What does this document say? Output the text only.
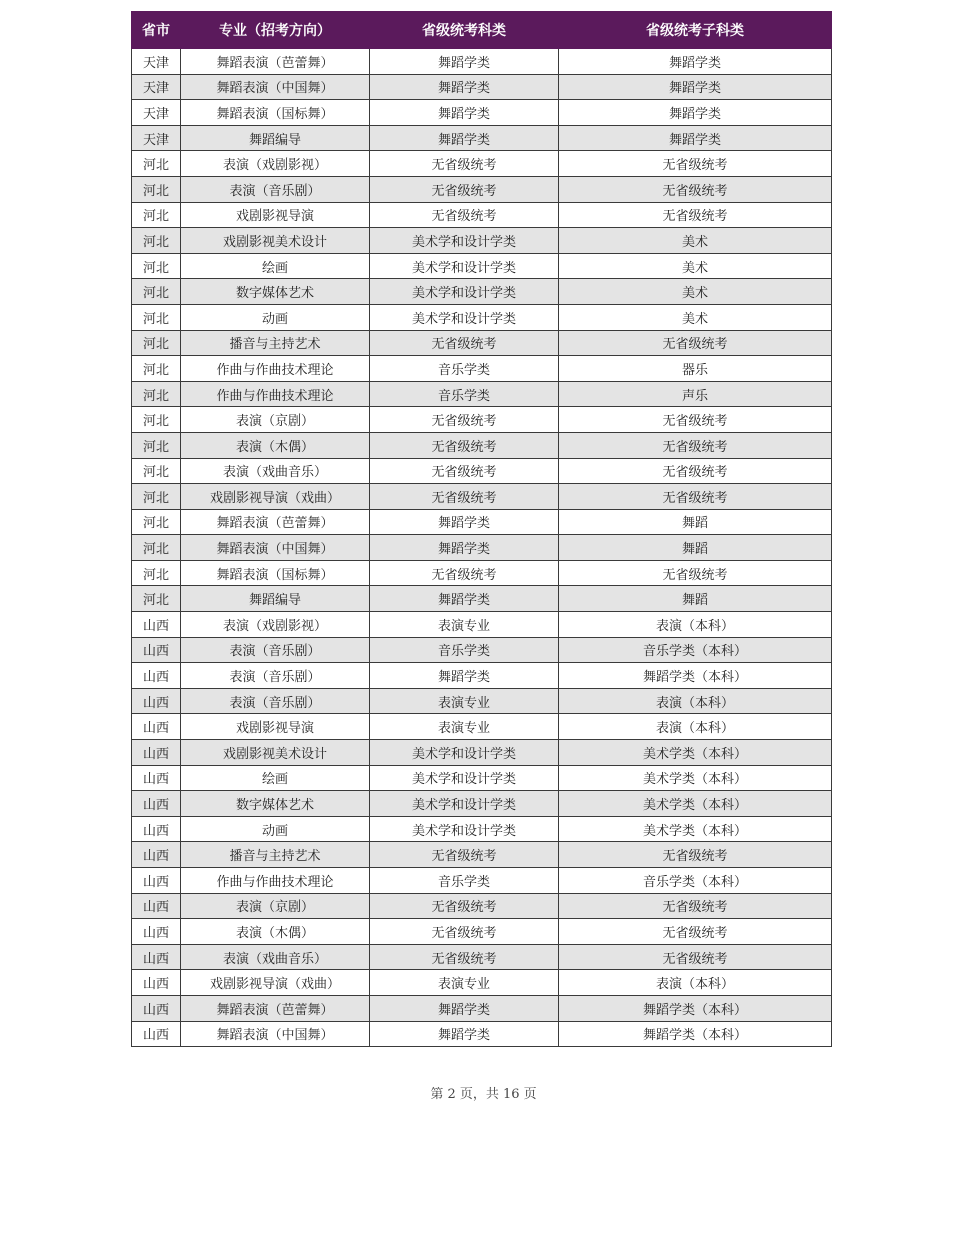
省市	专业（招考方向）	省级统考科类	省级统考子科类
天津	舞蹈表演（芭蕾舞）	舞蹈学类	舞蹈学类
天津	舞蹈表演（中国舞）	舞蹈学类	舞蹈学类
天津	舞蹈表演（国标舞）	舞蹈学类	舞蹈学类
天津	舞蹈编导	舞蹈学类	舞蹈学类
河北	表演（戏剧影视）	无省级统考	无省级统考
河北	表演（音乐剧）	无省级统考	无省级统考
河北	戏剧影视导演	无省级统考	无省级统考
河北	戏剧影视美术设计	美术学和设计学类	美术
河北	绘画	美术学和设计学类	美术
河北	数字媒体艺术	美术学和设计学类	美术
河北	动画	美术学和设计学类	美术
河北	播音与主持艺术	无省级统考	无省级统考
河北	作曲与作曲技术理论	音乐学类	器乐
河北	作曲与作曲技术理论	音乐学类	声乐
河北	表演（京剧）	无省级统考	无省级统考
河北	表演（木偶）	无省级统考	无省级统考
河北	表演（戏曲音乐）	无省级统考	无省级统考
河北	戏剧影视导演（戏曲）	无省级统考	无省级统考
河北	舞蹈表演（芭蕾舞）	舞蹈学类	舞蹈
河北	舞蹈表演（中国舞）	舞蹈学类	舞蹈
河北	舞蹈表演（国标舞）	无省级统考	无省级统考
河北	舞蹈编导	舞蹈学类	舞蹈
山西	表演（戏剧影视）	表演专业	表演（本科）
山西	表演（音乐剧）	音乐学类	音乐学类（本科）
山西	表演（音乐剧）	舞蹈学类	舞蹈学类（本科）
山西	表演（音乐剧）	表演专业	表演（本科）
山西	戏剧影视导演	表演专业	表演（本科）
山西	戏剧影视美术设计	美术学和设计学类	美术学类（本科）
山西	绘画	美术学和设计学类	美术学类（本科）
山西	数字媒体艺术	美术学和设计学类	美术学类（本科）
山西	动画	美术学和设计学类	美术学类（本科）
山西	播音与主持艺术	无省级统考	无省级统考
山西	作曲与作曲技术理论	音乐学类	音乐学类（本科）
山西	表演（京剧）	无省级统考	无省级统考
山西	表演（木偶）	无省级统考	无省级统考
山西	表演（戏曲音乐）	无省级统考	无省级统考
山西	戏剧影视导演（戏曲）	表演专业	表演（本科）
山西	舞蹈表演（芭蕾舞）	舞蹈学类	舞蹈学类（本科）
山西	舞蹈表演（中国舞）	舞蹈学类	舞蹈学类（本科）
第 2 页，共 16 页
